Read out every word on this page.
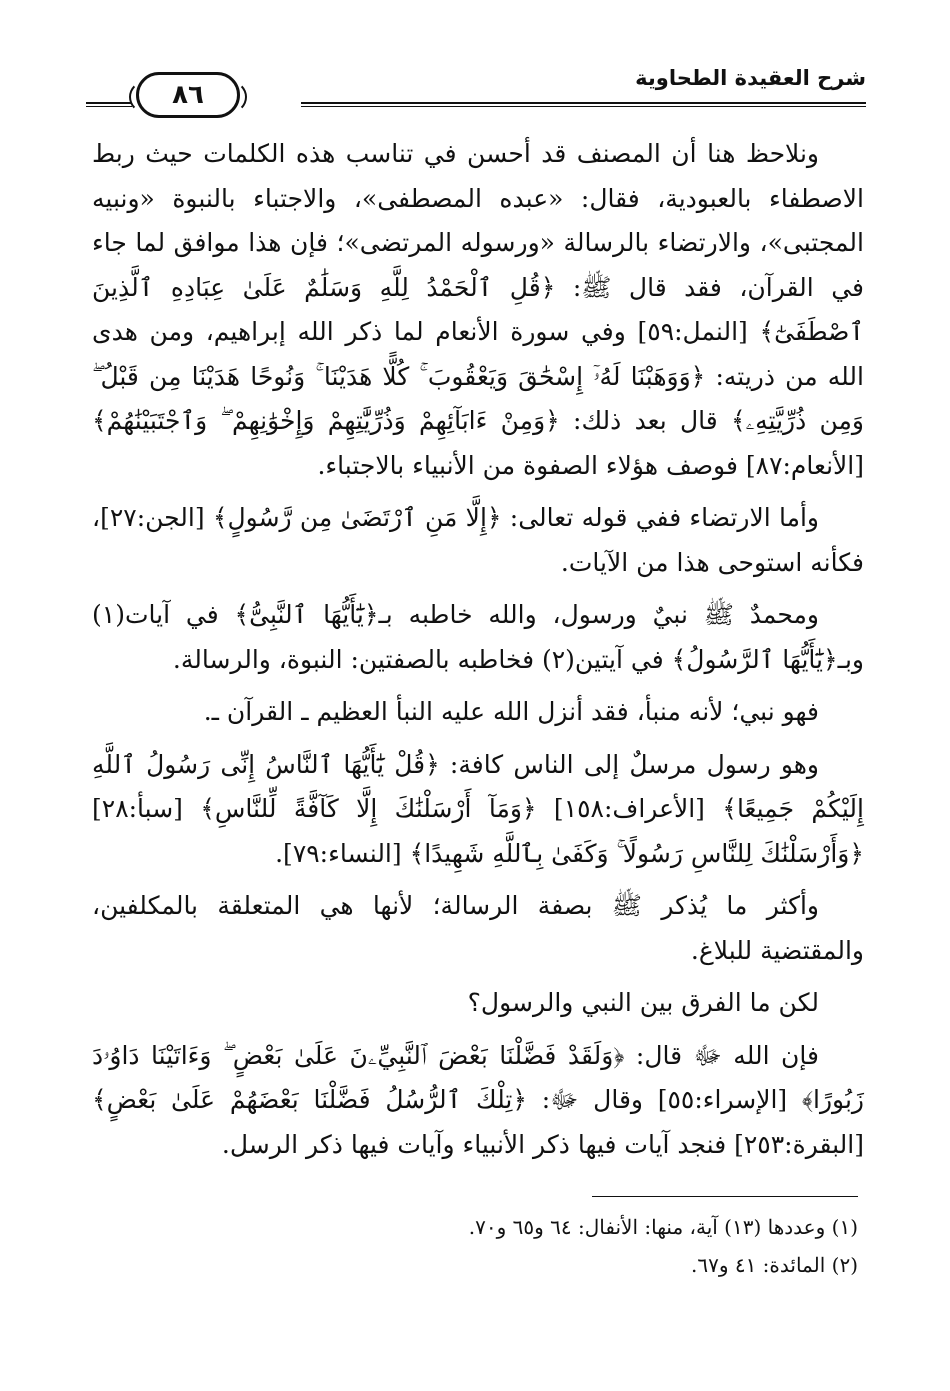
شرح العقيدة الطحاوية
٨٦

ونلاحظ هنا أن المصنف قد أحسن في تناسب هذه الكلمات حيث ربط الاصطفاء بالعبودية، فقال: «عبده المصطفى»، والاجتباء بالنبوة «ونبيه المجتبى»، والارتضاء بالرسالة «ورسوله المرتضى»؛ فإن هذا موافق لما جاء في القرآن، فقد قال ﷺ: ﴿قُلِ ٱلْحَمْدُ لِلَّهِ وَسَلَٰمٌ عَلَىٰ عِبَادِهِ ٱلَّذِينَ ٱصْطَفَىٰٓ﴾ [النمل:٥٩] وفي سورة الأنعام لما ذكر الله إبراهيم، ومن هدى الله من ذريته: ﴿وَوَهَبْنَا لَهُۥٓ إِسْحَٰقَ وَيَعْقُوبَ ۚ كُلًّا هَدَيْنَا ۚ وَنُوحًا هَدَيْنَا مِن قَبْلُ ۖ وَمِن ذُرِّيَّتِهِۦ﴾ قال بعد ذلك: ﴿وَمِنْ ءَابَآئِهِمْ وَذُرِّيَّٰتِهِمْ وَإِخْوَٰنِهِمْ ۖ وَٱجْتَبَيْنَٰهُمْ﴾ [الأنعام:٨٧] فوصف هؤلاء الصفوة من الأنبياء بالاجتباء.

وأما الارتضاء ففي قوله تعالى: ﴿إِلَّا مَنِ ٱرْتَضَىٰ مِن رَّسُولٍ﴾ [الجن:٢٧]، فكأنه استوحى هذا من الآيات.

ومحمدٌ ﷺ نبيٌ ورسول، والله خاطبه بـ﴿يَٰٓأَيُّهَا ٱلنَّبِىُّ﴾ في آيات(١) وبـ﴿يَٰٓأَيُّهَا ٱلرَّسُولُ﴾ في آيتين(٢) فخاطبه بالصفتين: النبوة، والرسالة.

فهو نبي؛ لأنه منبأ، فقد أنزل الله عليه النبأ العظيم ـ القرآن ـ.

وهو رسول مرسلٌ إلى الناس كافة: ﴿قُلْ يَٰٓأَيُّهَا ٱلنَّاسُ إِنِّى رَسُولُ ٱللَّهِ إِلَيْكُمْ جَمِيعًا﴾ [الأعراف:١٥٨] ﴿وَمَآ أَرْسَلْنَٰكَ إِلَّا كَآفَّةً لِّلنَّاسِ﴾ [سبأ:٢٨] ﴿وَأَرْسَلْنَٰكَ لِلنَّاسِ رَسُولًا ۚ وَكَفَىٰ بِٱللَّهِ شَهِيدًا﴾ [النساء:٧٩].

وأكثر ما يُذكر ﷺ بصفة الرسالة؛ لأنها هي المتعلقة بالمكلفين، والمقتضية للبلاغ.

لكن ما الفرق بين النبي والرسول؟

فإن الله ﷻ قال: ﴿وَلَقَدْ فَضَّلْنَا بَعْضَ ٱلنَّبِيِّۦنَ عَلَىٰ بَعْضٍ ۖ وَءَاتَيْنَا دَاوُۥدَ زَبُورًا﴾ [الإسراء:٥٥] وقال ﷻ: ﴿تِلْكَ ٱلرُّسُلُ فَضَّلْنَا بَعْضَهُمْ عَلَىٰ بَعْضٍ﴾ [البقرة:٢٥٣] فنجد آيات فيها ذكر الأنبياء وآيات فيها ذكر الرسل.

(١) وعددها (١٣) آية، منها: الأنفال: ٦٤ و٦٥ و٧٠.

(٢) المائدة: ٤١ و٦٧.
